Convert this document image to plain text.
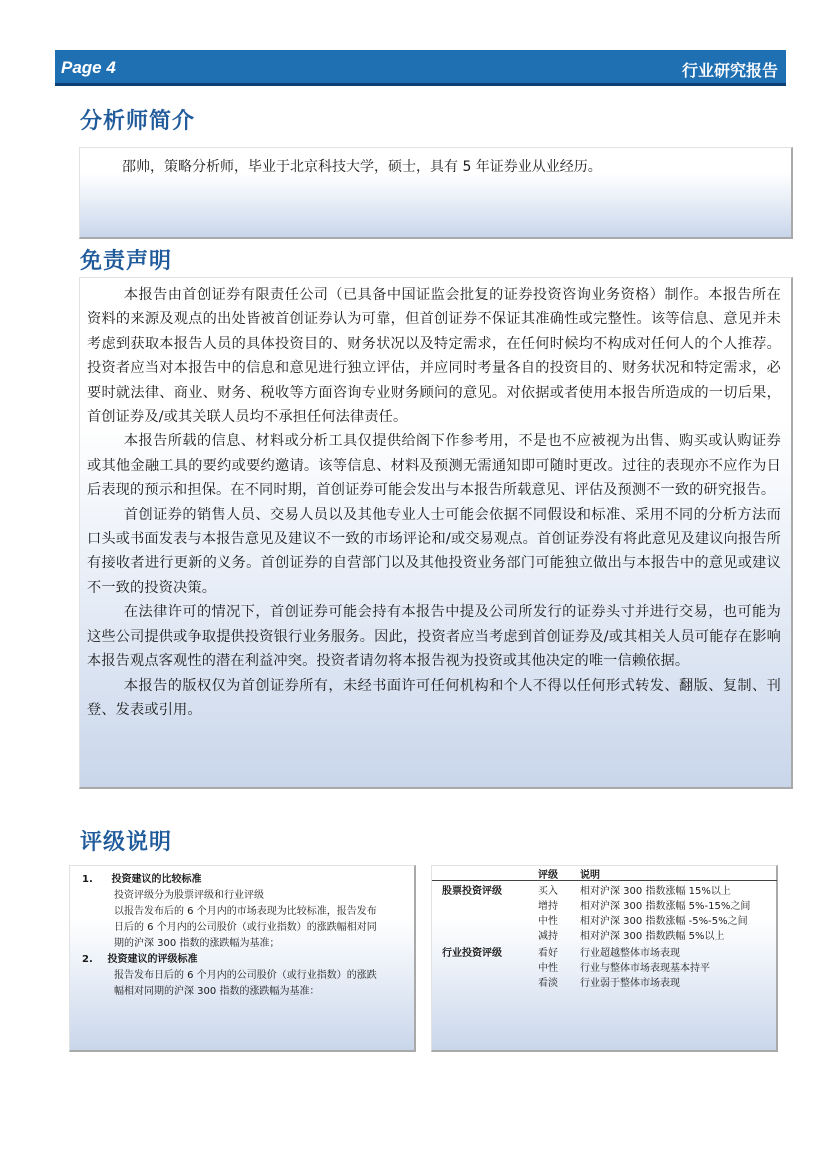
Page 4	行业研究报告
分析师简介
邵帅，策略分析师，毕业于北京科技大学，硕士，具有 5 年证券业从业经历。
免责声明

本报告由首创证券有限责任公司（已具备中国证监会批复的证券投资咨询业务资格）制作。本报告所在资料的来源及观点的出处皆被首创证券认为可靠，但首创证券不保证其准确性或完整性。该等信息、意见并未考虑到获取本报告人员的具体投资目的、财务状况以及特定需求，在任何时候均不构成对任何人的个人推荐。投资者应当对本报告中的信息和意见进行独立评估，并应同时考量各自的投资目的、财务状况和特定需求，必要时就法律、商业、财务、税收等方面咨询专业财务顾问的意见。对依据或者使用本报告所造成的一切后果，首创证券及/或其关联人员均不承担任何法律责任。

本报告所载的信息、材料或分析工具仅提供给阁下作参考用，不是也不应被视为出售、购买或认购证券或其他金融工具的要约或要约邀请。该等信息、材料及预测无需通知即可随时更改。过往的表现亦不应作为日后表现的预示和担保。在不同时期，首创证券可能会发出与本报告所载意见、评估及预测不一致的研究报告。

首创证券的销售人员、交易人员以及其他专业人士可能会依据不同假设和标准、采用不同的分析方法而口头或书面发表与本报告意见及建议不一致的市场评论和/或交易观点。首创证券没有将此意见及建议向报告所有接收者进行更新的义务。首创证券的自营部门以及其他投资业务部门可能独立做出与本报告中的意见或建议不一致的投资决策。

在法律许可的情况下，首创证券可能会持有本报告中提及公司所发行的证券头寸并进行交易，也可能为这些公司提供或争取提供投资银行业务服务。因此，投资者应当考虑到首创证券及/或其相关人员可能存在影响本报告观点客观性的潜在利益冲突。投资者请勿将本报告视为投资或其他决定的唯一信赖依据。

本报告的版权仅为首创证券所有，未经书面许可任何机构和个人不得以任何形式转发、翻版、复制、刊登、发表或引用。

评级说明
1. 投资建议的比较标准
投资评级分为股票评级和行业评级
以报告发布后的 6 个月内的市场表现为比较标准，报告发布
日后的 6 个月内的公司股价（或行业指数）的涨跌幅相对同
期的沪深 300 指数的涨跌幅为基准；
2. 投资建议的评级标准
报告发布日后的 6 个月内的公司股价（或行业指数）的涨跌
幅相对同期的沪深 300 指数的涨跌幅为基准：
评级 说明
股票投资评级	买入 相对沪深 300 指数涨幅 15%以上
增持 相对沪深 300 指数涨幅 5%-15%之间
中性 相对沪深 300 指数涨幅 -5%-5%之间
减持 相对沪深 300 指数跌幅 5%以上
行业投资评级	看好 行业超越整体市场表现
中性 行业与整体市场表现基本持平
看淡 行业弱于整体市场表现
